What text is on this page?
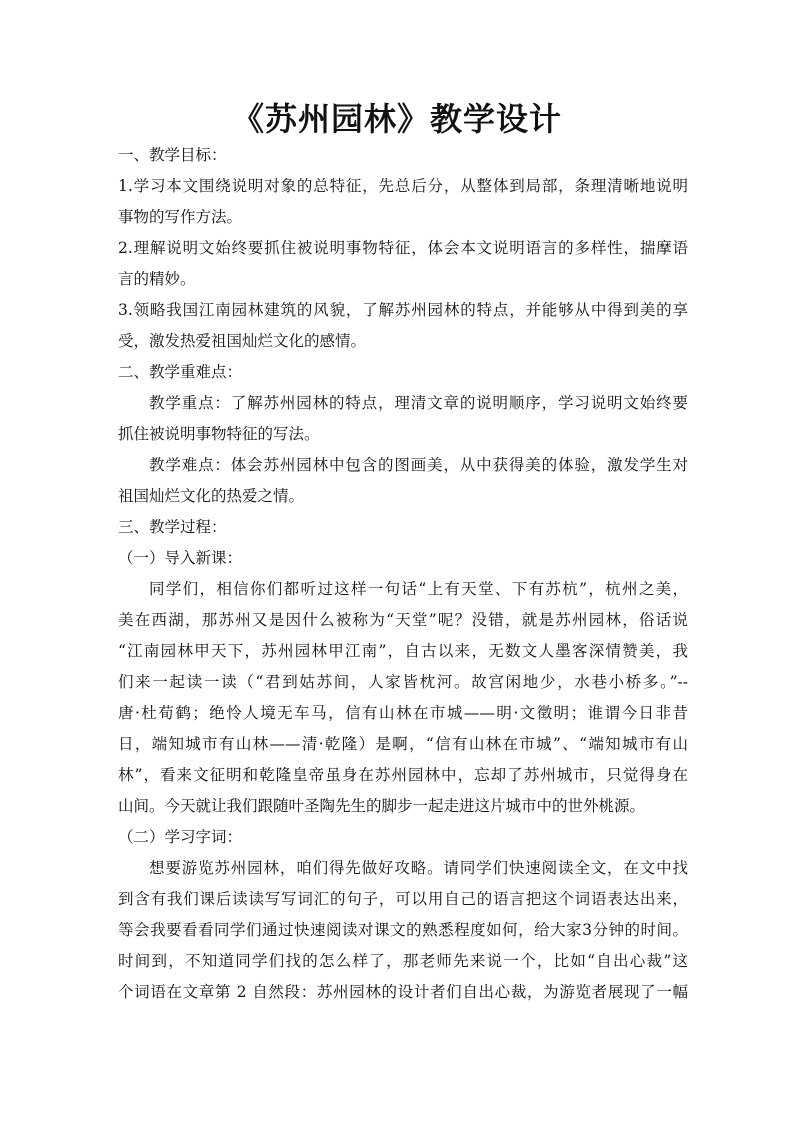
《苏州园林》教学设计
一、教学目标：
1.学习本文围绕说明对象的总特征，先总后分，从整体到局部，条理清晰地说明
事物的写作方法。
2.理解说明文始终要抓住被说明事物特征，体会本文说明语言的多样性，揣摩语
言的精妙。
3.领略我国江南园林建筑的风貌，了解苏州园林的特点，并能够从中得到美的享
受，激发热爱祖国灿烂文化的感情。
二、教学重难点：
教学重点：了解苏州园林的特点，理清文章的说明顺序，学习说明文始终要
抓住被说明事物特征的写法。
教学难点：体会苏州园林中包含的图画美，从中获得美的体验，激发学生对
祖国灿烂文化的热爱之情。
三、教学过程：
（一）导入新课：
同学们，相信你们都听过这样一句话“上有天堂、下有苏杭”，杭州之美，
美在西湖，那苏州又是因什么被称为“天堂”呢？没错，就是苏州园林，俗话说
“江南园林甲天下，苏州园林甲江南”，自古以来，无数文人墨客深情赞美，我
们来一起读一读（“君到姑苏间，人家皆枕河。故宫闲地少，水巷小桥多。”--
唐·杜荀鹤；绝怜人境无车马，信有山林在市城——明·文徵明；谁谓今日非昔
日，端知城市有山林——清·乾隆）是啊，“信有山林在市城”、“端知城市有山
林”，看来文征明和乾隆皇帝虽身在苏州园林中，忘却了苏州城市，只觉得身在
山间。今天就让我们跟随叶圣陶先生的脚步一起走进这片城市中的世外桃源。
（二）学习字词：
想要游览苏州园林，咱们得先做好攻略。请同学们快速阅读全文，在文中找
到含有我们课后读读写写词汇的句子，可以用自己的语言把这个词语表达出来，
等会我要看看同学们通过快速阅读对课文的熟悉程度如何，给大家3分钟的时间。
时间到，不知道同学们找的怎么样了，那老师先来说一个，比如“自出心裁”这
个词语在文章第 2 自然段：苏州园林的设计者们自出心裁，为游览者展现了一幅
